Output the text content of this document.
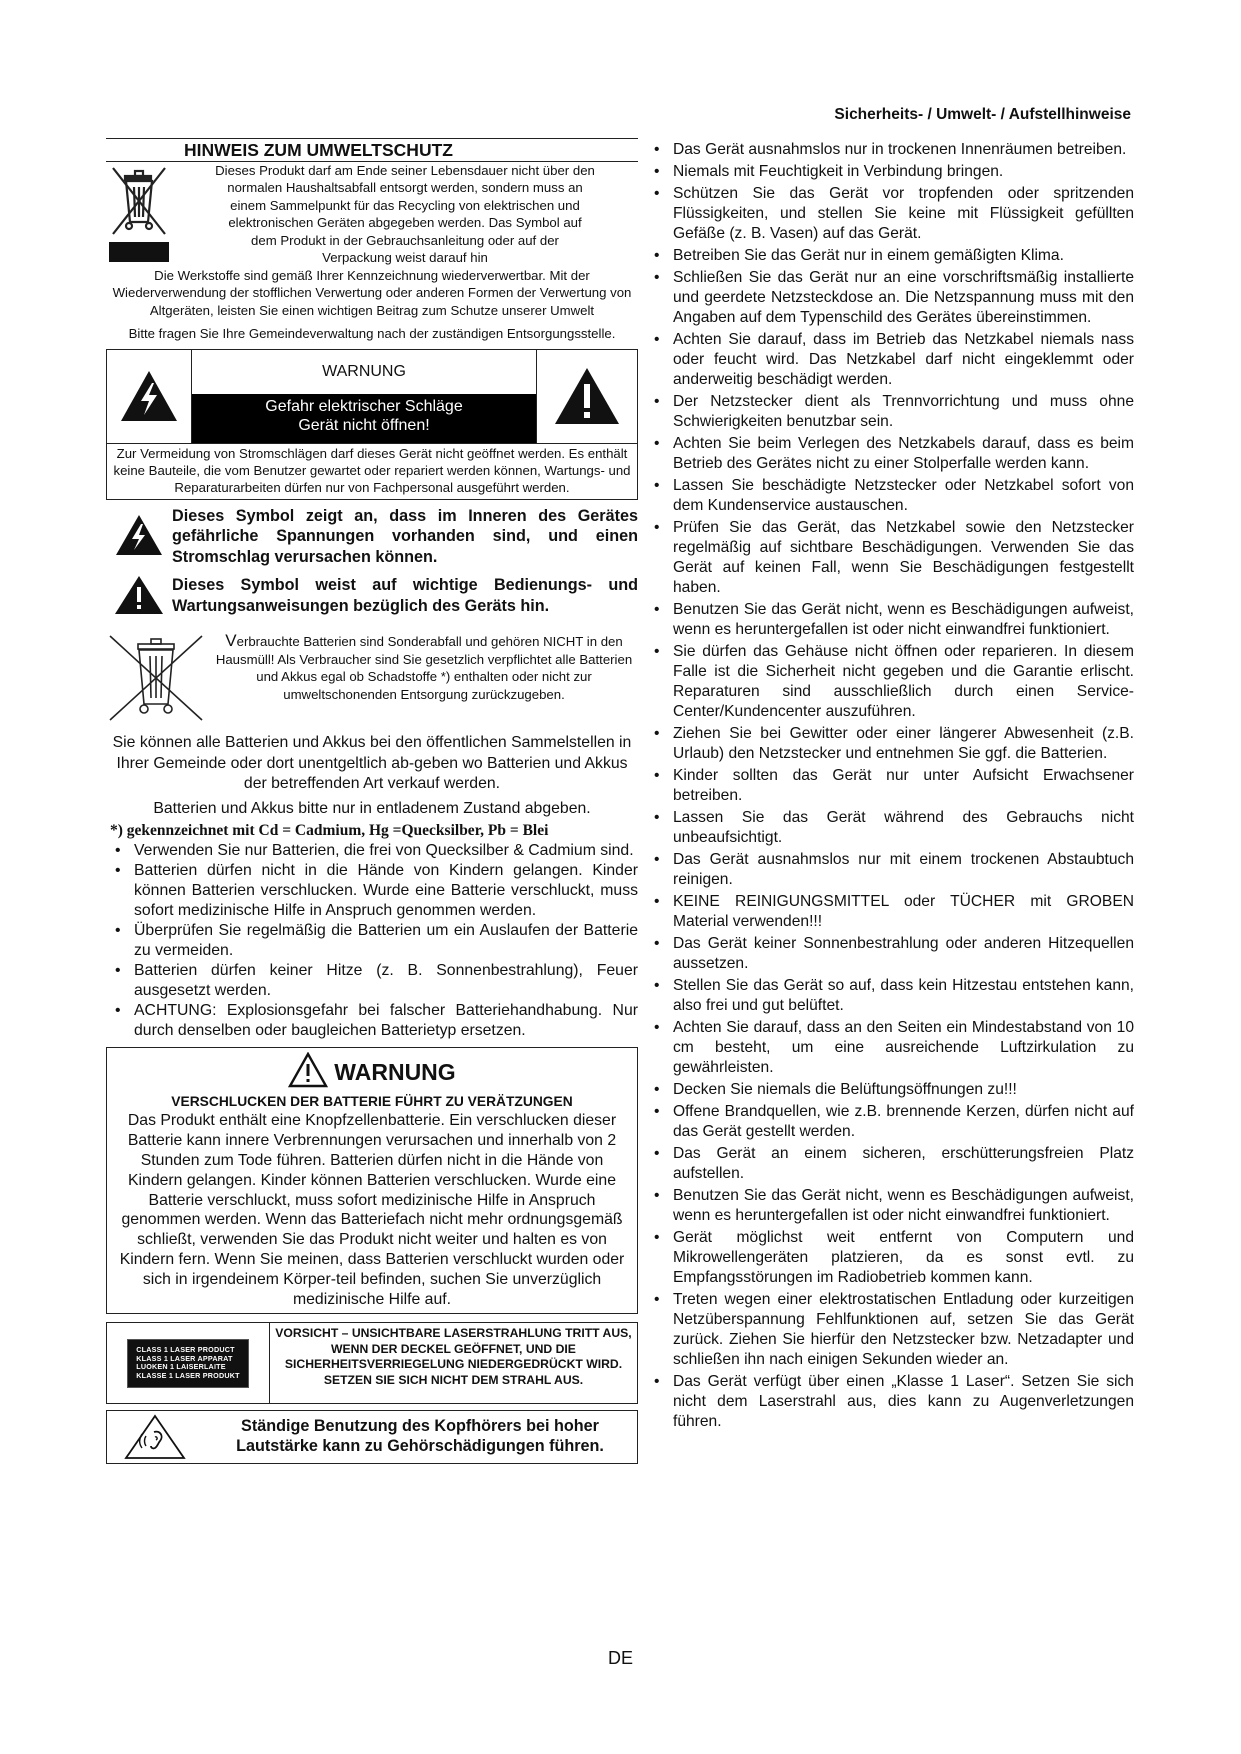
Sicherheits- / Umwelt- / Aufstellhinweise
HINWEIS ZUM UMWELTSCHUTZ
Dieses Produkt darf am Ende seiner Lebensdauer nicht über den
normalen Haushaltsabfall entsorgt werden, sondern muss an
einem Sammelpunkt für das Recycling von elektrischen und
elektronischen Geräten abgegeben werden. Das Symbol auf
dem Produkt in der Gebrauchsanleitung oder auf der
Verpackung weist darauf hin
Die Werkstoffe sind gemäß Ihrer Kennzeichnung wiederverwertbar. Mit der Wiederverwendung der stofflichen Verwertung oder anderen Formen der Verwertung von Altgeräten, leisten Sie einen wichtigen Beitrag zum Schutze unserer Umwelt
Bitte fragen Sie Ihre Gemeindeverwaltung nach der zuständigen Entsorgungsstelle.
WARNUNG
Gefahr elektrischer Schläge
Gerät nicht öffnen!
Zur Vermeidung von Stromschlägen darf dieses Gerät nicht geöffnet werden. Es enthält keine Bauteile, die vom Benutzer gewartet oder repariert werden können, Wartungs- und Reparaturarbeiten dürfen nur von Fachpersonal ausgeführt werden.
Dieses Symbol zeigt an, dass im Inneren des Gerätes gefährliche Spannungen vorhanden sind, und einen Stromschlag verursachen können.
Dieses Symbol weist auf wichtige Bedienungs- und Wartungsanweisungen bezüglich des Geräts hin.
Verbrauchte Batterien sind Sonderabfall und gehören NICHT in den Hausmüll! Als Verbraucher sind Sie gesetzlich verpflichtet alle Batterien und Akkus egal ob Schadstoffe *) enthalten oder nicht zur umweltschonenden Entsorgung zurückzugeben.
Sie können alle Batterien und Akkus bei den öffentlichen Sammelstellen in Ihrer Gemeinde oder dort unentgeltlich ab-geben wo Batterien und Akkus der betreffenden Art verkauf werden.
Batterien und Akkus bitte nur in entladenem Zustand abgeben.
*) gekennzeichnet mit Cd = Cadmium, Hg =Quecksilber, Pb = Blei
• Verwenden Sie nur Batterien, die frei von Quecksilber & Cadmium sind.
• Batterien dürfen nicht in die Hände von Kindern gelangen. Kinder können Batterien verschlucken. Wurde eine Batterie verschluckt, muss sofort medizinische Hilfe in Anspruch genommen werden.
• Überprüfen Sie regelmäßig die Batterien um ein Auslaufen der Batterie zu vermeiden.
• Batterien dürfen keiner Hitze (z. B. Sonnenbestrahlung), Feuer ausgesetzt werden.
• ACHTUNG: Explosionsgefahr bei falscher Batteriehandhabung. Nur durch denselben oder baugleichen Batterietyp ersetzen.
WARNUNG
VERSCHLUCKEN DER BATTERIE FÜHRT ZU VERÄTZUNGEN
Das Produkt enthält eine Knopfzellenbatterie. Ein verschlucken dieser Batterie kann innere Verbrennungen verursachen und innerhalb von 2 Stunden zum Tode führen. Batterien dürfen nicht in die Hände von Kindern gelangen. Kinder können Batterien verschlucken. Wurde eine Batterie verschluckt, muss sofort medizinische Hilfe in Anspruch genommen werden. Wenn das Batteriefach nicht mehr ordnungsgemäß schließt, verwenden Sie das Produkt nicht weiter und halten es von Kindern fern. Wenn Sie meinen, dass Batterien verschluckt wurden oder sich in irgendeinem Körper-teil befinden, suchen Sie unverzüglich medizinische Hilfe auf.
CLASS 1 LASER PRODUCT
KLASS 1 LASER APPARAT
LUOKEN 1 LAISERLAITE
KLASSE 1 LASER PRODUKT
VORSICHT – UNSICHTBARE LASERSTRAHLUNG TRITT AUS, WENN DER DECKEL GEÖFFNET, UND DIE SICHERHEITSVERRIEGELUNG NIEDERGEDRÜCKT WIRD. SETZEN SIE SICH NICHT DEM STRAHL AUS.
Ständige Benutzung des Kopfhörers bei hoher Lautstärke kann zu Gehörschädigungen führen.
• Das Gerät ausnahmslos nur in trockenen Innenräumen betreiben.
• Niemals mit Feuchtigkeit in Verbindung bringen.
• Schützen Sie das Gerät vor tropfenden oder spritzenden Flüssigkeiten, und stellen Sie keine mit Flüssigkeit gefüllten Gefäße (z. B. Vasen) auf das Gerät.
• Betreiben Sie das Gerät nur in einem gemäßigten Klima.
• Schließen Sie das Gerät nur an eine vorschriftsmäßig installierte und geerdete Netzsteckdose an. Die Netzspannung muss mit den Angaben auf dem Typenschild des Gerätes übereinstimmen.
• Achten Sie darauf, dass im Betrieb das Netzkabel niemals nass oder feucht wird. Das Netzkabel darf nicht eingeklemmt oder anderweitig beschädigt werden.
• Der Netzstecker dient als Trennvorrichtung und muss ohne Schwierigkeiten benutzbar sein.
• Achten Sie beim Verlegen des Netzkabels darauf, dass es beim Betrieb des Gerätes nicht zu einer Stolperfalle werden kann.
• Lassen Sie beschädigte Netzstecker oder Netzkabel sofort von dem Kundenservice austauschen.
• Prüfen Sie das Gerät, das Netzkabel sowie den Netzstecker regelmäßig auf sichtbare Beschädigungen. Verwenden Sie das Gerät auf keinen Fall, wenn Sie Beschädigungen festgestellt haben.
• Benutzen Sie das Gerät nicht, wenn es Beschädigungen aufweist, wenn es heruntergefallen ist oder nicht einwandfrei funktioniert.
• Sie dürfen das Gehäuse nicht öffnen oder reparieren. In diesem Falle ist die Sicherheit nicht gegeben und die Garantie erlischt. Reparaturen sind ausschließlich durch einen Service-Center/Kundencenter auszuführen.
• Ziehen Sie bei Gewitter oder einer längerer Abwesenheit (z.B. Urlaub) den Netzstecker und entnehmen Sie ggf. die Batterien.
• Kinder sollten das Gerät nur unter Aufsicht Erwachsener betreiben.
• Lassen Sie das Gerät während des Gebrauchs nicht unbeaufsichtigt.
• Das Gerät ausnahmslos nur mit einem trockenen Abstaubtuch reinigen.
• KEINE REINIGUNGSMITTEL oder TÜCHER mit GROBEN Material verwenden!!!
• Das Gerät keiner Sonnenbestrahlung oder anderen Hitzequellen aussetzen.
• Stellen Sie das Gerät so auf, dass kein Hitzestau entstehen kann, also frei und gut belüftet.
• Achten Sie darauf, dass an den Seiten ein Mindestabstand von 10 cm besteht, um eine ausreichende Luftzirkulation zu gewährleisten.
• Decken Sie niemals die Belüftungsöffnungen zu!!!
• Offene Brandquellen, wie z.B. brennende Kerzen, dürfen nicht auf das Gerät gestellt werden.
• Das Gerät an einem sicheren, erschütterungsfreien Platz aufstellen.
• Benutzen Sie das Gerät nicht, wenn es Beschädigungen aufweist, wenn es heruntergefallen ist oder nicht einwandfrei funktioniert.
• Gerät möglichst weit entfernt von Computern und Mikrowellengeräten platzieren, da es sonst evtl. zu Empfangsstörungen im Radiobetrieb kommen kann.
• Treten wegen einer elektrostatischen Entladung oder kurzeitigen Netzüberspannung Fehlfunktionen auf, setzen Sie das Gerät zurück. Ziehen Sie hierfür den Netzstecker bzw. Netzadapter und schließen ihn nach einigen Sekunden wieder an.
• Das Gerät verfügt über einen „Klasse 1 Laser“. Setzen Sie sich nicht dem Laserstrahl aus, dies kann zu Augenverletzungen führen.
DE
